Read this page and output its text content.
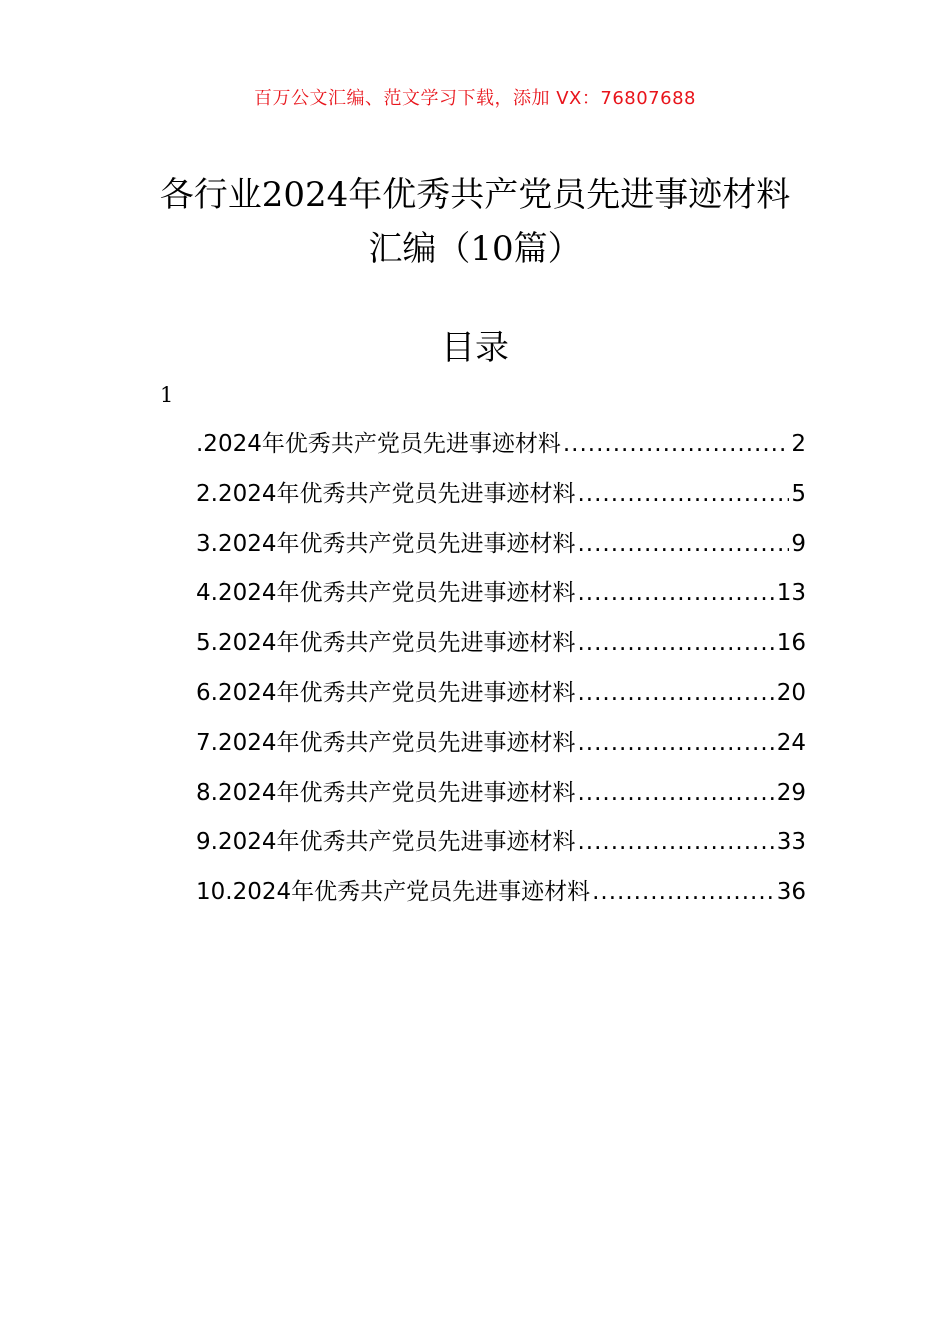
百万公文汇编、范文学习下载，添加 VX：76807688
各行业2024年优秀共产党员先进事迹材料
汇编（10篇）
目录
1
.2024年优秀共产党员先进事迹材料 .....	2
2.2024年优秀共产党员先进事迹材料 .....	5
3.2024年优秀共产党员先进事迹材料 .....	9
4.2024年优秀共产党员先进事迹材料 .....	13
5.2024年优秀共产党员先进事迹材料 .....	16
6.2024年优秀共产党员先进事迹材料 .....	20
7.2024年优秀共产党员先进事迹材料 .....	24
8.2024年优秀共产党员先进事迹材料 .....	29
9.2024年优秀共产党员先进事迹材料 .....	33
10.2024年优秀共产党员先进事迹材料 .....	36
